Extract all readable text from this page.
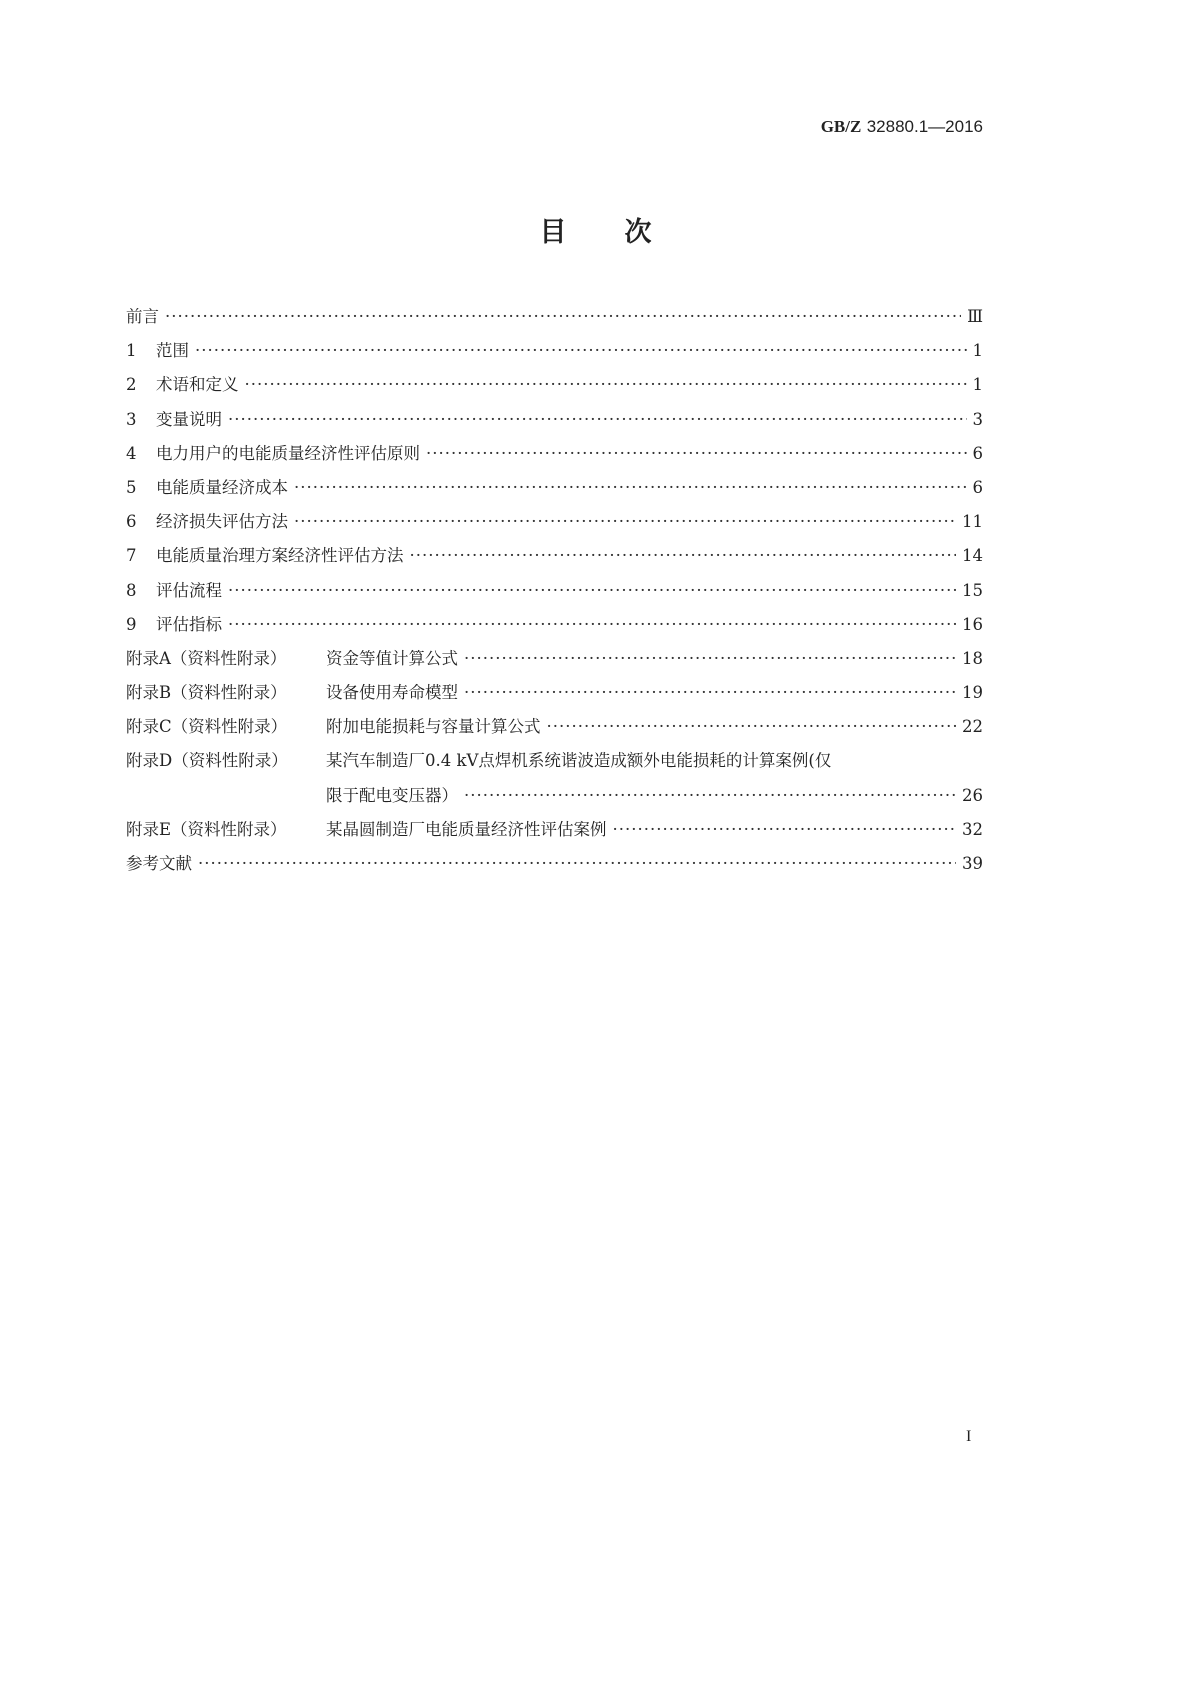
GB/Z 32880.1—2016
目次
前言 ·····	Ⅲ
1	范围 ·····	1
2	术语和定义 ·····	1
3	变量说明 ·····	3
4	电力用户的电能质量经济性评估原则 ·····	6
5	电能质量经济成本 ·····	6
6	经济损失评估方法 ·····	11
7	电能质量治理方案经济性评估方法 ·····	14
8	评估流程 ·····	15
9	评估指标 ·····	16
附录A（资料性附录）	资金等值计算公式 ·····	18
附录B（资料性附录）	设备使用寿命模型 ·····	19
附录C（资料性附录）	附加电能损耗与容量计算公式 ·····	22
附录D（资料性附录）	某汽车制造厂0.4 kV点焊机系统谐波造成额外电能损耗的计算案例(仅
限于配电变压器） ·····	26
附录E（资料性附录）	某晶圆制造厂电能质量经济性评估案例 ·····	32
参考文献 ·····	39
I
